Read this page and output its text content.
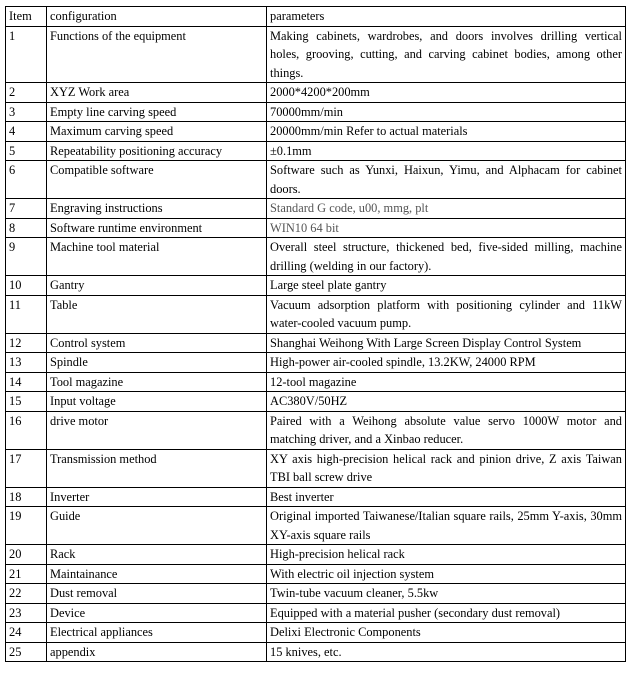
Item	configuration	parameters
1	Functions of the equipment	Making cabinets, wardrobes, and doors involves drilling vertical holes, grooving, cutting, and carving cabinet bodies, among other things.
2	XYZ Work area	2000*4200*200mm
3	Empty line carving speed	70000mm/min
4	Maximum carving speed	20000mm/min Refer to actual materials
5	Repeatability positioning accuracy	±0.1mm
6	Compatible software	Software such as Yunxi, Haixun, Yimu, and Alphacam for cabinet doors.
7	Engraving instructions	Standard G code, u00, mmg, plt
8	Software runtime environment	WIN10 64 bit
9	Machine tool material	Overall steel structure, thickened bed, five-sided milling, machine drilling (welding in our factory).
10	Gantry	Large steel plate gantry
11	Table	Vacuum adsorption platform with positioning cylinder and 11kW water-cooled vacuum pump.
12	Control system	Shanghai Weihong With Large Screen Display Control System
13	Spindle	High-power air-cooled spindle, 13.2KW, 24000 RPM
14	Tool magazine	12-tool magazine
15	Input voltage	AC380V/50HZ
16	drive motor	Paired with a Weihong absolute value servo 1000W motor and matching driver, and a Xinbao reducer.
17	Transmission method	XY axis high-precision helical rack and pinion drive, Z axis Taiwan TBI ball screw drive
18	Inverter	Best inverter
19	Guide	Original imported Taiwanese/Italian square rails, 25mm Y-axis, 30mm XY-axis square rails
20	Rack	High-precision helical rack
21	Maintainance	With electric oil injection system
22	Dust removal	Twin-tube vacuum cleaner, 5.5kw
23	Device	Equipped with a material pusher (secondary dust removal)
24	Electrical appliances	Delixi Electronic Components
25	appendix	15 knives, etc.
